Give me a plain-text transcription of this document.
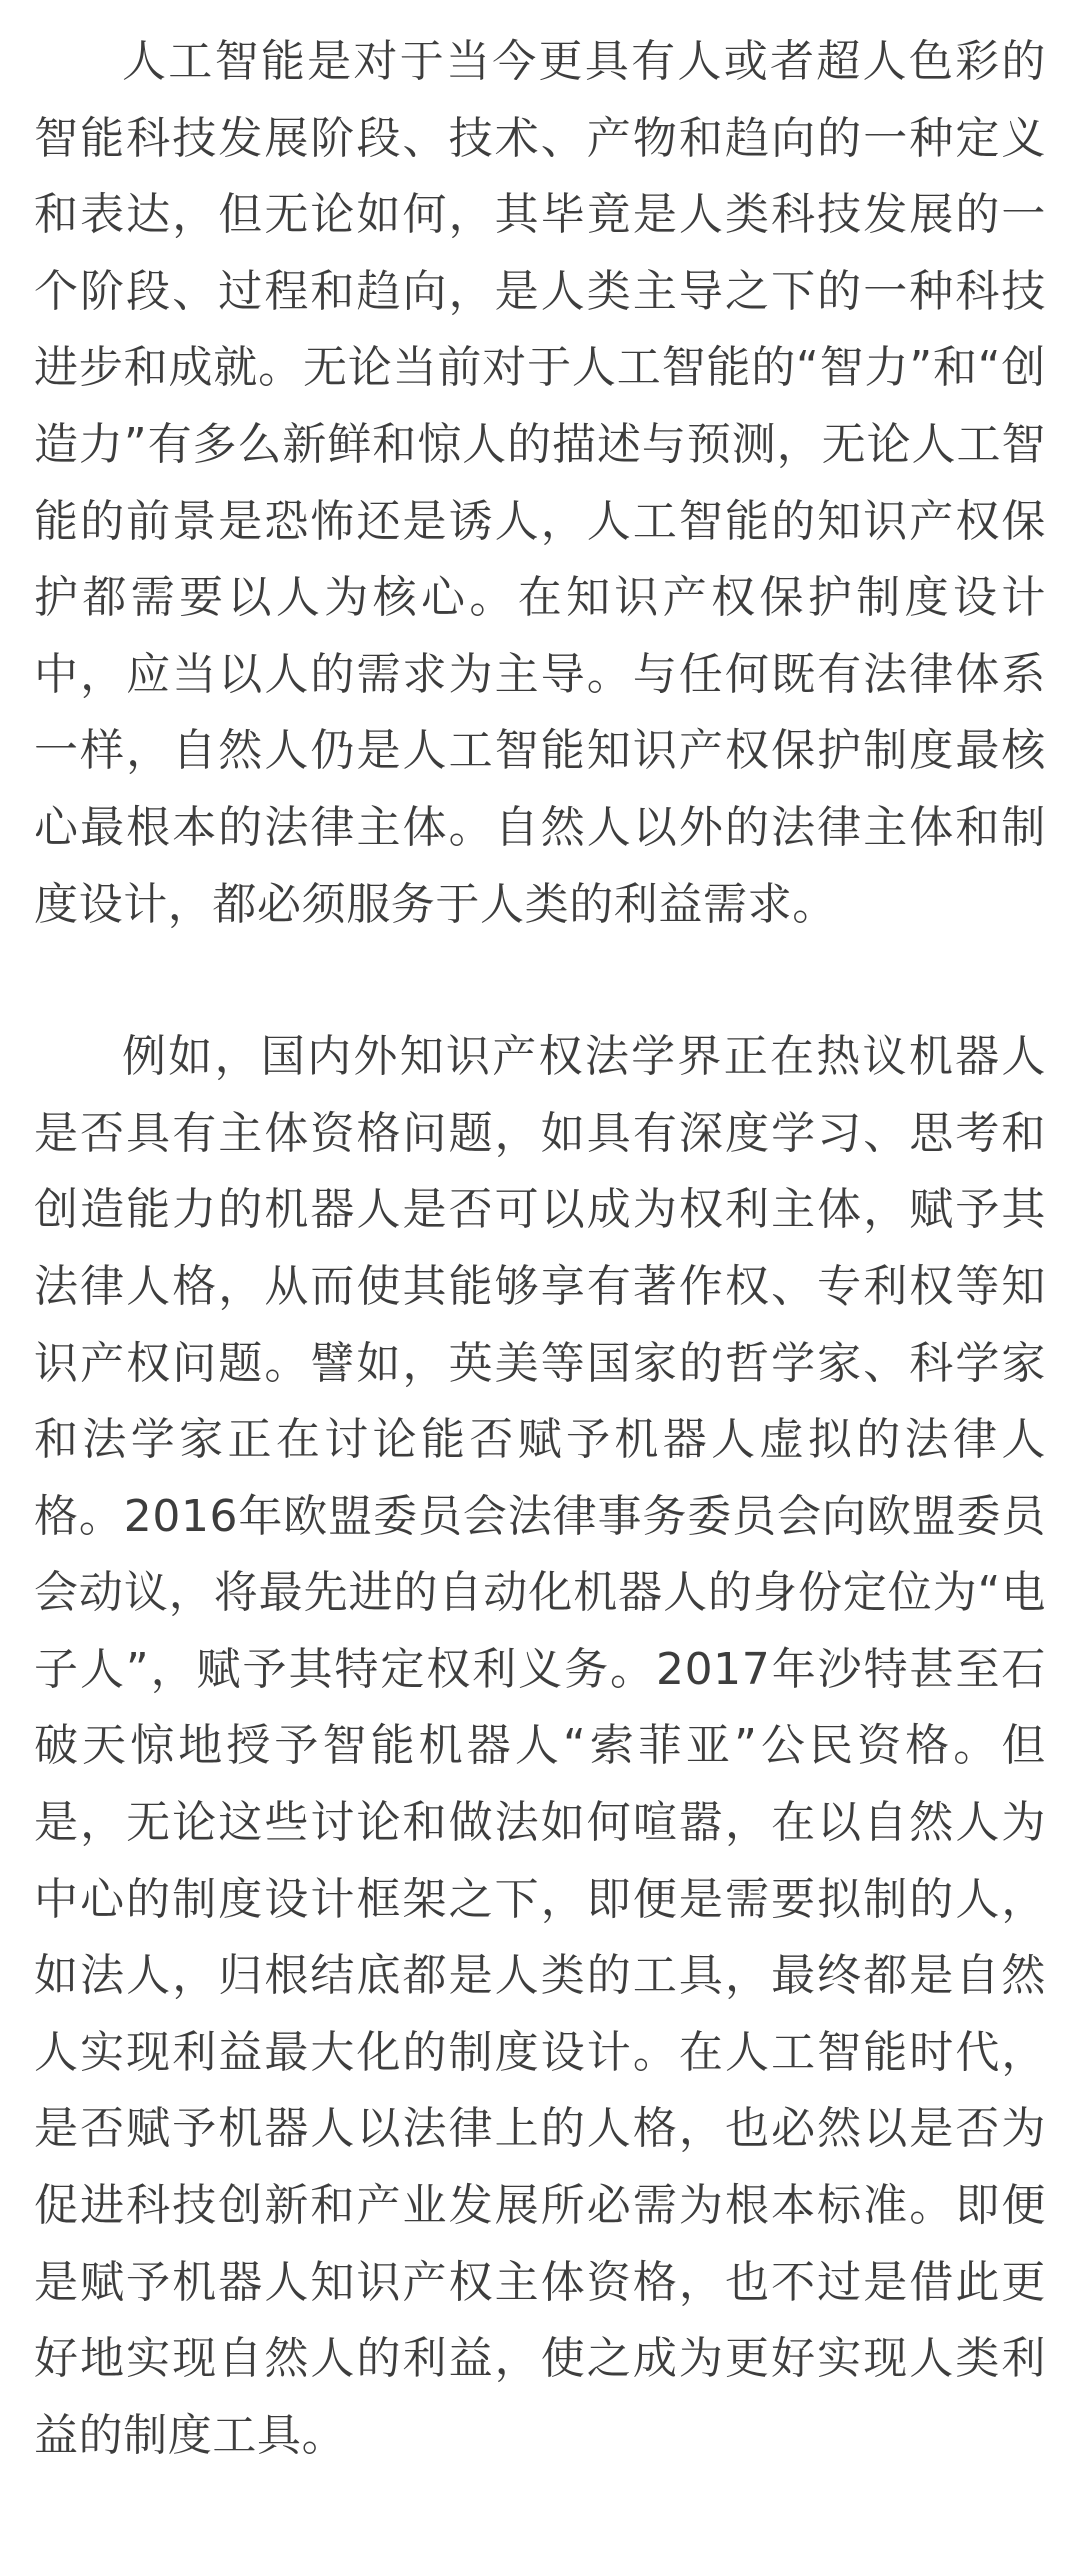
人工智能是对于当今更具有人或者超人色彩的智能科技发展阶段、技术、产物和趋向的一种定义和表达，但无论如何，其毕竟是人类科技发展的一个阶段、过程和趋向，是人类主导之下的一种科技进步和成就。无论当前对于人工智能的“智力”和“创造力”有多么新鲜和惊人的描述与预测，无论人工智能的前景是恐怖还是诱人，人工智能的知识产权保护都需要以人为核心。在知识产权保护制度设计中，应当以人的需求为主导。与任何既有法律体系一样，自然人仍是人工智能知识产权保护制度最核心最根本的法律主体。自然人以外的法律主体和制度设计，都必须服务于人类的利益需求。

例如，国内外知识产权法学界正在热议机器人是否具有主体资格问题，如具有深度学习、思考和创造能力的机器人是否可以成为权利主体，赋予其法律人格，从而使其能够享有著作权、专利权等知识产权问题。譬如，英美等国家的哲学家、科学家和法学家正在讨论能否赋予机器人虚拟的法律人格。2016年欧盟委员会法律事务委员会向欧盟委员会动议，将最先进的自动化机器人的身份定位为“电子人”，赋予其特定权利义务。2017年沙特甚至石破天惊地授予智能机器人“索菲亚”公民资格。但是，无论这些讨论和做法如何喧嚣，在以自然人为中心的制度设计框架之下，即便是需要拟制的人，如法人，归根结底都是人类的工具，最终都是自然人实现利益最大化的制度设计。在人工智能时代，是否赋予机器人以法律上的人格，也必然以是否为促进科技创新和产业发展所必需为根本标准。即便是赋予机器人知识产权主体资格，也不过是借此更好地实现自然人的利益，使之成为更好实现人类利益的制度工具。
